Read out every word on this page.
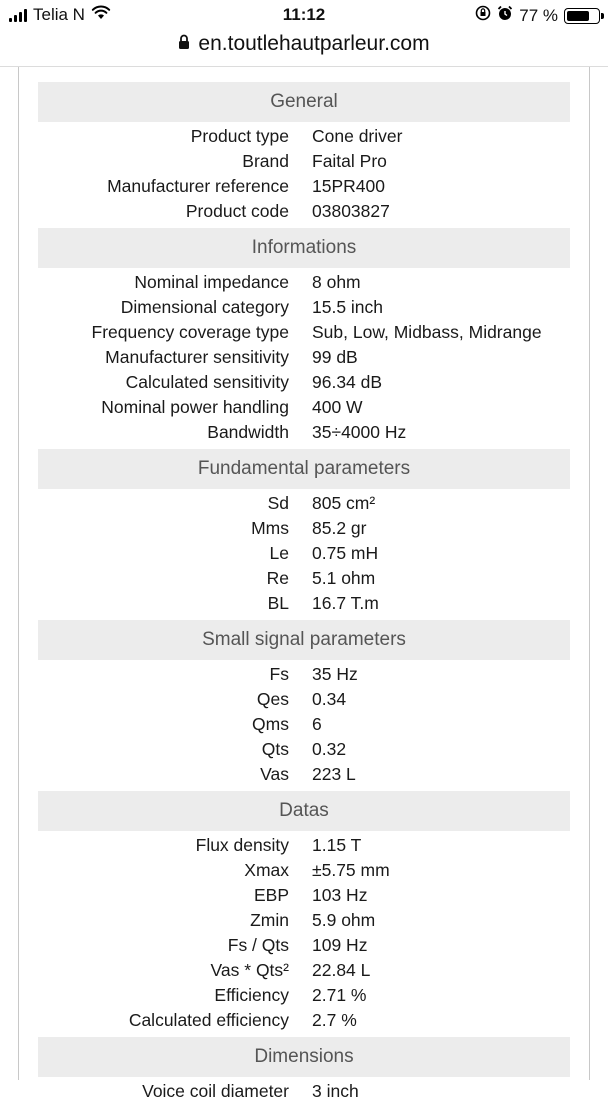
Telia N	11:12	77 %
en.toutlehautparleur.com
General
Product type	Cone driver
Brand	Faital Pro
Manufacturer reference	15PR400
Product code	03803827
Informations
Nominal impedance	8 ohm
Dimensional category	15.5 inch
Frequency coverage type	Sub, Low, Midbass, Midrange
Manufacturer sensitivity	99 dB
Calculated sensitivity	96.34 dB
Nominal power handling	400 W
Bandwidth	35÷4000 Hz
Fundamental parameters
Sd	805 cm²
Mms	85.2 gr
Le	0.75 mH
Re	5.1 ohm
BL	16.7 T.m
Small signal parameters
Fs	35 Hz
Qes	0.34
Qms	6
Qts	0.32
Vas	223 L
Datas
Flux density	1.15 T
Xmax	±5.75 mm
EBP	103 Hz
Zmin	5.9 ohm
Fs / Qts	109 Hz
Vas * Qts²	22.84 L
Efficiency	2.71 %
Calculated efficiency	2.7 %
Dimensions
Voice coil diameter	3 inch
